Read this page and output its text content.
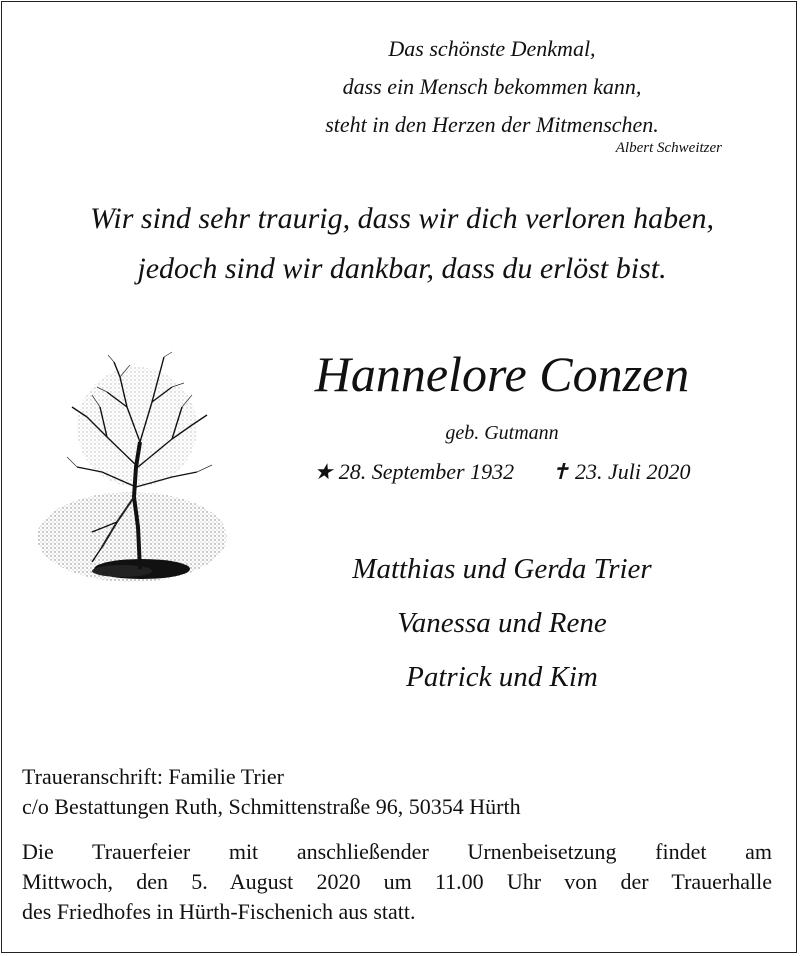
Das schönste Denkmal,
dass ein Mensch bekommen kann,
steht in den Herzen der Mitmenschen.
Albert Schweitzer
Wir sind sehr traurig, dass wir dich verloren haben,
jedoch sind wir dankbar, dass du erlöst bist.
Hannelore Conzen
geb. Gutmann
★ 28. September 1932 ✝ 23. Juli 2020
Matthias und Gerda Trier
Vanessa und Rene
Patrick und Kim
Traueranschrift: Familie Trier
c/o Bestattungen Ruth, Schmittenstraße 96, 50354 Hürth
Die Trauerfeier mit anschließender Urnenbeisetzung findet am
Mittwoch, den 5. August 2020 um 11.00 Uhr von der Trauerhalle
des Friedhofes in Hürth-Fischenich aus statt.
